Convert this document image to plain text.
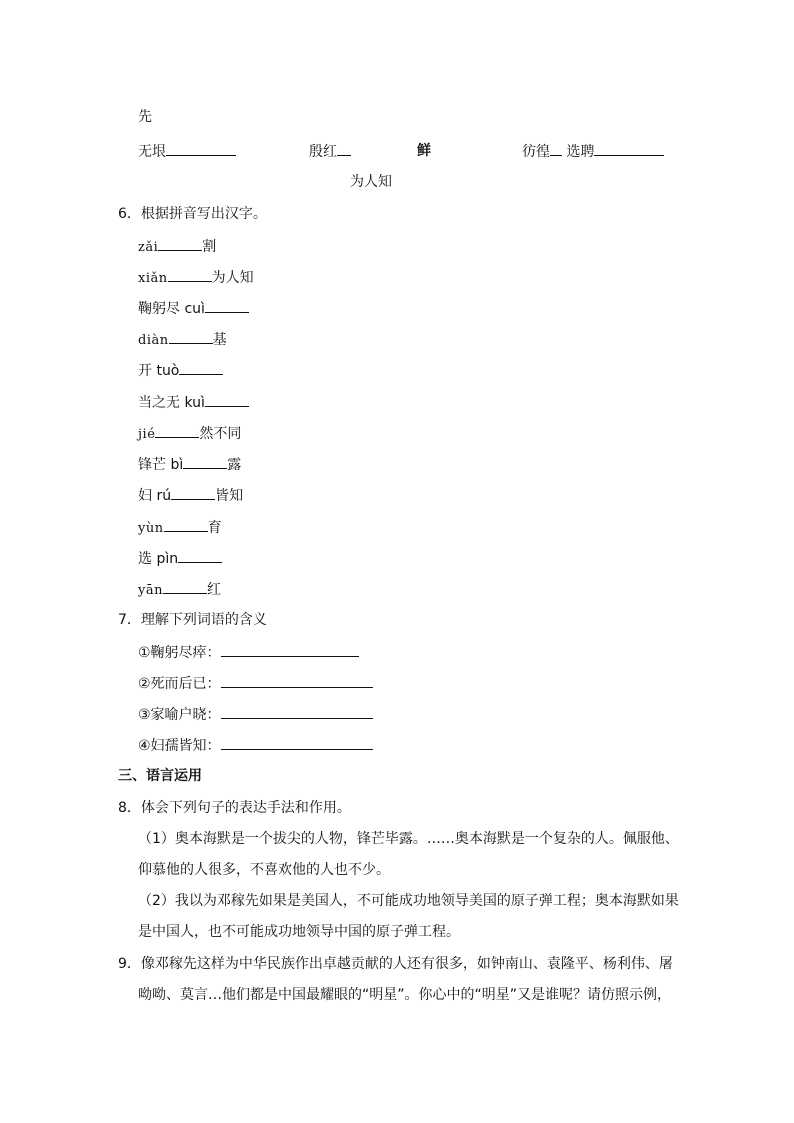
先
无垠	殷红	鲜	彷徨 选聘
为人知
6．根据拼音写出汉字。
zǎi	割
xiǎn	为人知
鞠躬尽 cuì
diàn	基
开 tuò
当之无 kuì
jié	然不同
锋芒 bì	露
妇 rú	皆知
yùn	育
选 pìn
yān	红
7．理解下列词语的含义
①鞠躬尽瘁：
②死而后已：
③家喻户晓：
④妇孺皆知：
三、语言运用
8．体会下列句子的表达手法和作用。
（1）奥本海默是一个拔尖的人物，锋芒毕露。……奥本海默是一个复杂的人。佩服他、
仰慕他的人很多，不喜欢他的人也不少。
（2）我以为邓稼先如果是美国人，不可能成功地领导美国的原子弹工程；奥本海默如果
是中国人，也不可能成功地领导中国的原子弹工程。
9．像邓稼先这样为中华民族作出卓越贡献的人还有很多，如钟南山、袁隆平、杨利伟、屠
呦呦、莫言…他们都是中国最耀眼的“明星”。你心中的“明星”又是谁呢？请仿照示例，
